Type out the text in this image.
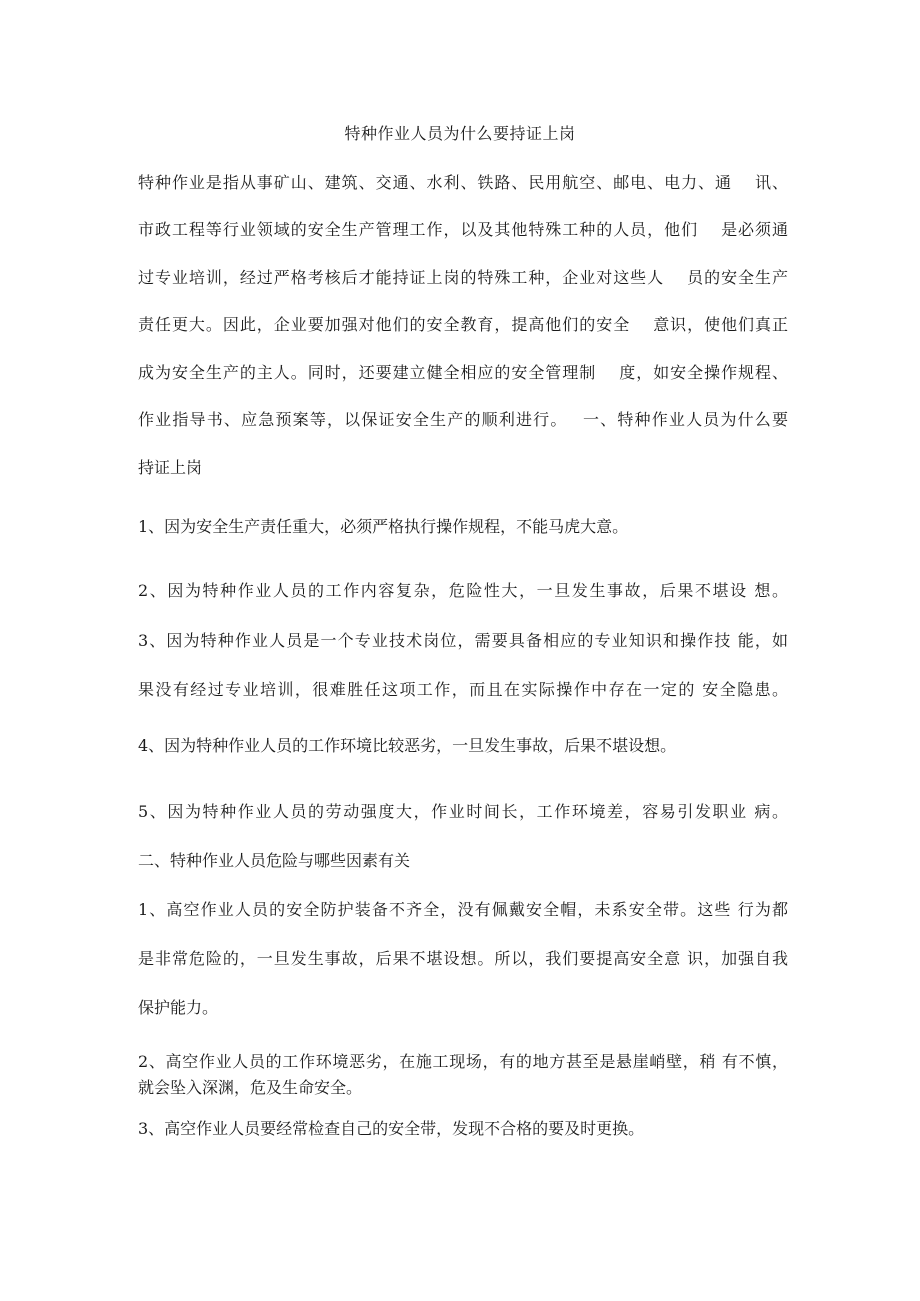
特种作业人员为什么要持证上岗
特种作业是指从事矿山、建筑、交通、水利、铁路、民用航空、邮电、电力、通　 讯、
市政工程等行业领域的安全生产管理工作，以及其他特殊工种的人员，他们　 是必须通
过专业培训，经过严格考核后才能持证上岗的特殊工种，企业对这些人　 员的安全生产
责任更大。因此，企业要加强对他们的安全教育，提高他们的安全　 意识，使他们真正
成为安全生产的主人。同时，还要建立健全相应的安全管理制　 度，如安全操作规程、
作业指导书、应急预案等，以保证安全生产的顺利进行。　 一、特种作业人员为什么要
持证上岗
1、因为安全生产责任重大，必须严格执行操作规程，不能马虎大意。
2、因为特种作业人员的工作内容复杂，危险性大，一旦发生事故，后果不堪设 想。
3、因为特种作业人员是一个专业技术岗位，需要具备相应的专业知识和操作技 能，如
果没有经过专业培训，很难胜任这项工作，而且在实际操作中存在一定的 安全隐患。
4、因为特种作业人员的工作环境比较恶劣，一旦发生事故，后果不堪设想。
5、因为特种作业人员的劳动强度大，作业时间长，工作环境差，容易引发职业 病。
二、特种作业人员危险与哪些因素有关
1、高空作业人员的安全防护装备不齐全，没有佩戴安全帽，未系安全带。这些 行为都
是非常危险的，一旦发生事故，后果不堪设想。所以，我们要提高安全意 识，加强自我
保护能力。
2、高空作业人员的工作环境恶劣，在施工现场，有的地方甚至是悬崖峭壁，稍 有不慎，
就会坠入深渊，危及生命安全。
3、高空作业人员要经常检查自己的安全带，发现不合格的要及时更换。
